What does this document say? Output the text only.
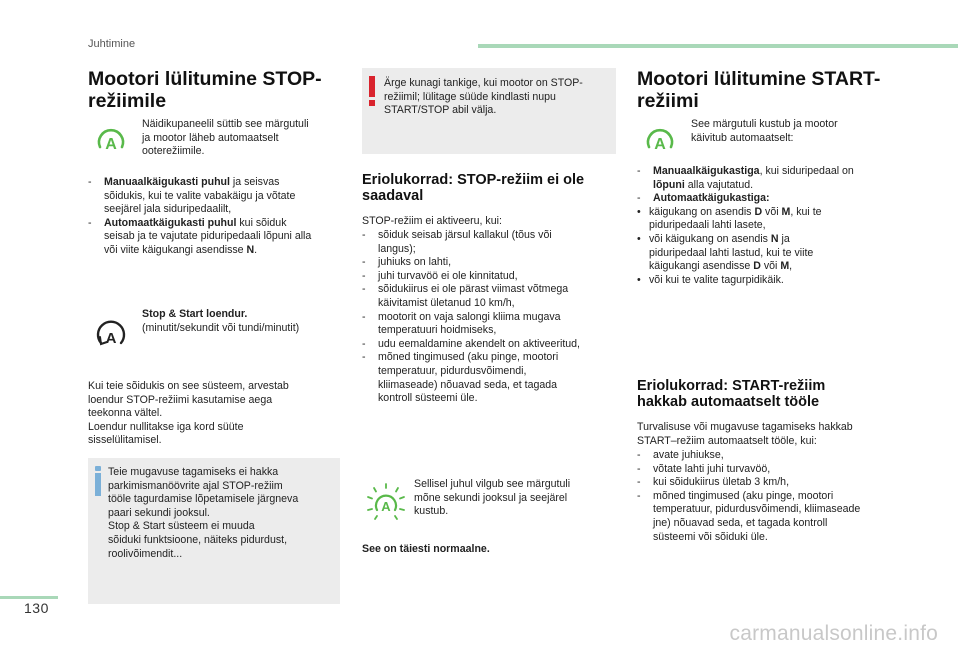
Juhtimine
Mootori lülitumine STOP-
režiimile
A
Näidikupaneelil süttib see märgutuli
ja mootor läheb automaatselt
ooterežiimile.
- Manuaalkäigukasti puhul ja seisvas
sõidukis, kui te valite vabakäigu ja võtate
seejärel jala siduripedaalilt,
- Automaatkäigukasti puhul kui sõiduk
seisab ja te vajutate piduripedaali lõpuni alla
või viite käigukangi asendisse N.
A
Stop & Start loendur.
(minutit/sekundit või tundi/minutit)
Kui teie sõidukis on see süsteem, arvestab
loendur STOP-režiimi kasutamise aega
teekonna vältel.
Loendur nullitakse iga kord süüte
sisselülitamisel.
Teie mugavuse tagamiseks ei hakka
parkimismanöövrite ajal STOP-režiim
tööle tagurdamise lõpetamisele järgneva
paari sekundi jooksul.
Stop & Start süsteem ei muuda
sõiduki funktsioone, näiteks pidurdust,
roolivõimendit...
Ärge kunagi tankige, kui mootor on STOP-
režiimil; lülitage süüde kindlasti nupu
START/STOP abil välja.
Eriolukorrad: STOP-režiim ei ole
saadaval
STOP-režiim ei aktiveeru, kui:
- sõiduk seisab järsul kallakul (tõus või
langus);
- juhiuks on lahti,
- juhi turvavöö ei ole kinnitatud,
- sõidukiirus ei ole pärast viimast võtmega
käivitamist ületanud 10 km/h,
- mootorit on vaja salongi kliima mugava
temperatuuri hoidmiseks,
- udu eemaldamine akendelt on aktiveeritud,
- mõned tingimused (aku pinge, mootori
temperatuur, pidurdusvõimendi,
kliimaseade) nõuavad seda, et tagada
kontroll süsteemi üle.
A
Sellisel juhul vilgub see märgutuli
mõne sekundi jooksul ja seejärel
kustub.
See on täiesti normaalne.
Mootori lülitumine START-
režiimi
A
See märgutuli kustub ja mootor
käivitub automaatselt:
- Manuaalkäigukastiga, kui siduripedaal on
lõpuni alla vajutatud.
- Automaatkäigukastiga:
• käigukang on asendis D või M, kui te
piduripedaali lahti lasete,
• või käigukang on asendis N ja
piduripedaal lahti lastud, kui te viite
käigukangi asendisse D või M,
• või kui te valite tagurpidikäik.
Eriolukorrad: START-režiim
hakkab automaatselt tööle
Turvalisuse või mugavuse tagamiseks hakkab
START–režiim automaatselt tööle, kui:
- avate juhiukse,
- võtate lahti juhi turvavöö,
- kui sõidukiirus ületab 3 km/h,
- mõned tingimused (aku pinge, mootori
temperatuur, pidurdusvõimendi, kliimaseade
jne) nõuavad seda, et tagada kontroll
süsteemi või sõiduki üle.
130
carmanualsonline.info
